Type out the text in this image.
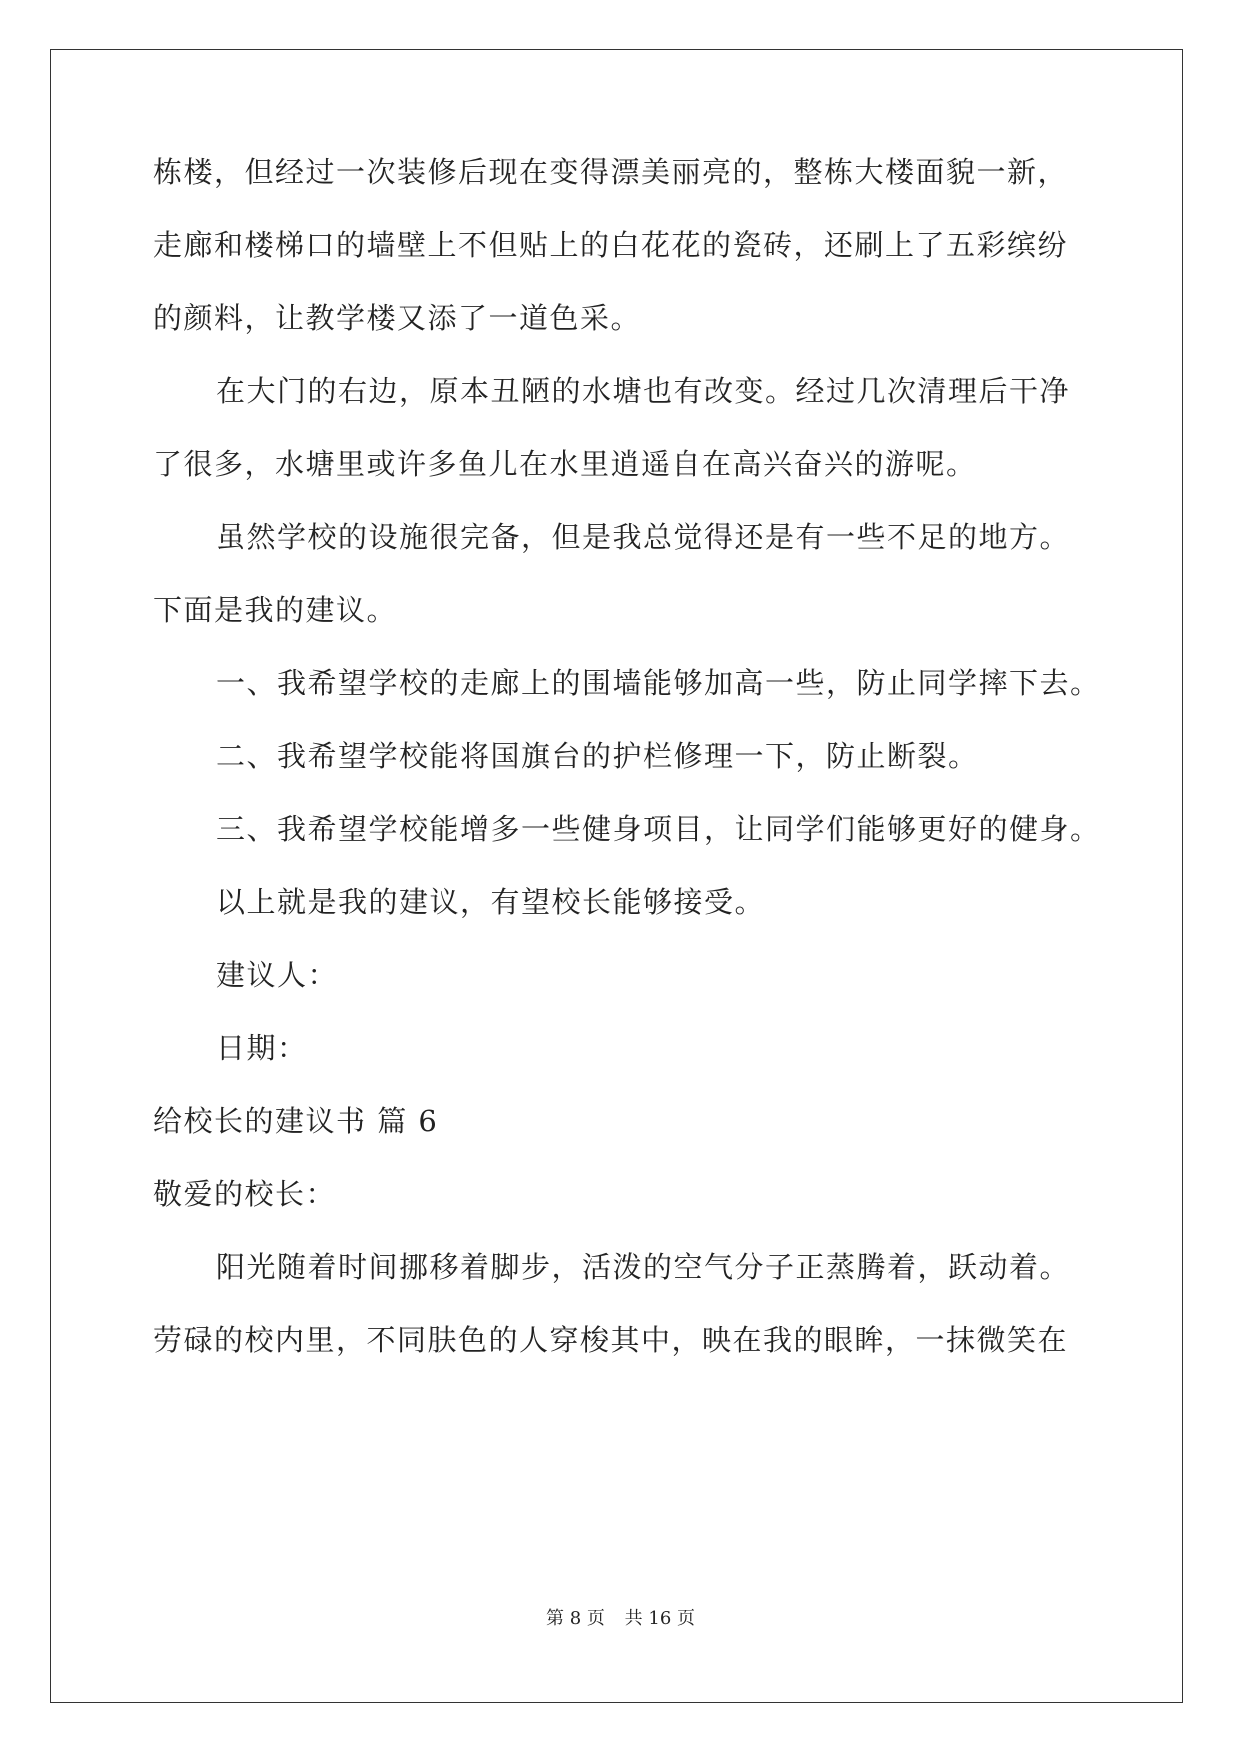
栋楼，但经过一次装修后现在变得漂美丽亮的，整栋大楼面貌一新，
走廊和楼梯口的墙壁上不但贴上的白花花的瓷砖，还刷上了五彩缤纷
的颜料，让教学楼又添了一道色采。
在大门的右边，原本丑陋的水塘也有改变。经过几次清理后干净
了很多，水塘里或许多鱼儿在水里逍遥自在高兴奋兴的游呢。
虽然学校的设施很完备，但是我总觉得还是有一些不足的地方。
下面是我的建议。
一、我希望学校的走廊上的围墙能够加高一些，防止同学摔下去。
二、我希望学校能将国旗台的护栏修理一下，防止断裂。
三、我希望学校能增多一些健身项目，让同学们能够更好的健身。
以上就是我的建议，有望校长能够接受。
建议人：
日期：
给校长的建议书 篇 6
敬爱的校长：
阳光随着时间挪移着脚步，活泼的空气分子正蒸腾着，跃动着。
劳碌的校内里，不同肤色的人穿梭其中，映在我的眼眸，一抹微笑在
第 8 页 共 16 页
